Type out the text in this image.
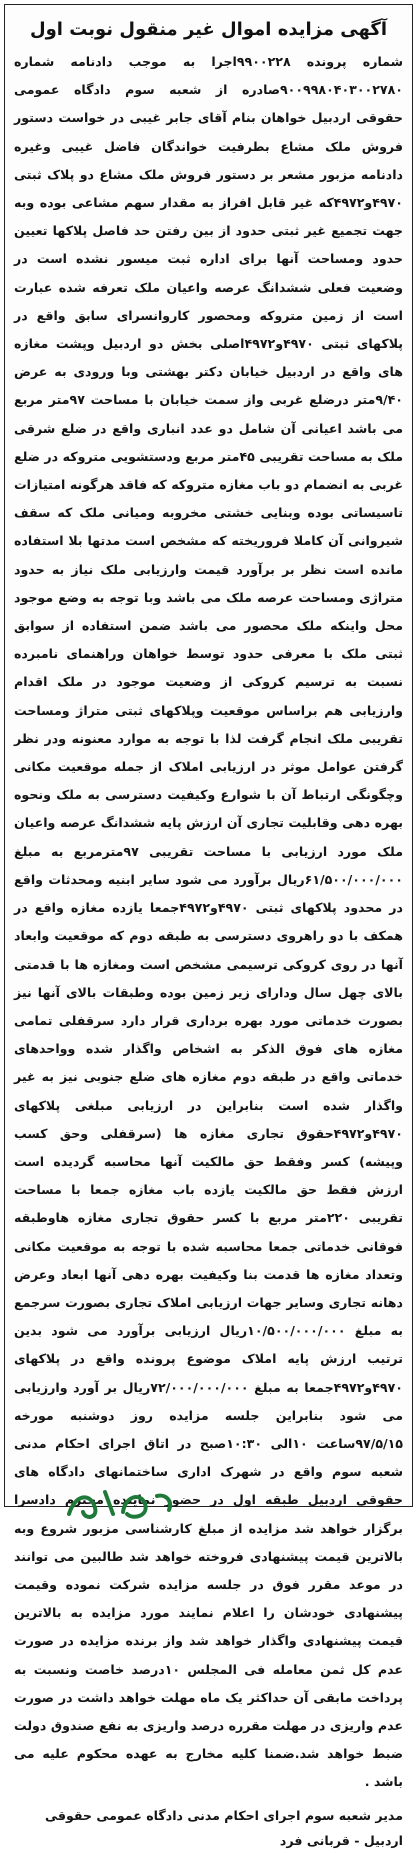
آگهی مزایده اموال غیر منقول نوبت اول
شماره پرونده ۹۹۰۰۲۲۸اجرا به موجب دادنامه شماره ۹۰۰۹۹۸۰۴۰۳۰۰۲۷۸۰صادره از شعبه سوم دادگاه عمومی حقوقی اردبیل خواهان بنام آقای جابر غیبی در خواست دستور فروش ملک مشاع بطرفیت خواندگان فاضل غیبی وغیره دادنامه مزبور مشعر بر دستور فروش ملک مشاع دو پلاک ثبتی ۴۹۷۰و۴۹۷۲که غیر قابل افراز به مقدار سهم مشاعی بوده وبه جهت تجمیع غیر ثبتی حدود از بین رفتن حد فاصل پلاکها تعیین حدود ومساحت آنها برای اداره ثبت میسور نشده است در وضعیت فعلی ششدانگ عرصه واعیان ملک تعرفه شده عبارت است از زمین متروکه ومحصور کاروانسرای سابق واقع در پلاکهای ثبتی ۴۹۷۰و۴۹۷۲اصلی بخش دو اردبیل وپشت مغازه های واقع در اردبیل خیابان دکتر بهشتی وبا ورودی به عرض ۹/۴۰متر درضلع غربی واز سمت خیابان با مساحت ۹۷متر مربع می باشد اعیانی آن شامل دو عدد انباری واقع در ضلع شرقی ملک به مساحت تقریبی ۴۵متر مربع ودستشویی متروکه در ضلع غربی به انضمام دو باب مغازه متروکه که فاقد هرگونه امتیازات تاسیساتی بوده وبنایی خشتی مخروبه ومیانی ملک که سقف شیروانی آن کاملا فروریخته که مشخص است مدتها بلا استفاده مانده است نظر بر برآورد قیمت وارزیابی ملک نیاز به حدود متراژی ومساحت عرصه ملک می باشد وبا توجه به وضع موجود محل واینکه ملک محصور می باشد ضمن استفاده از سوابق ثبتی ملک با معرفی حدود توسط خواهان وراهنمای نامبرده نسبت به ترسیم کروکی از وضعیت موجود در ملک اقدام وارزیابی هم براساس موقعیت وپلاکهای ثبتی متراژ ومساحت تقریبی ملک انجام گرفت لذا با توجه به موارد معنونه ودر نظر گرفتن عوامل موثر در ارزیابی املاک از جمله موقعیت مکانی وچگونگی ارتباط آن با شوارع وکیفیت دسترسی به ملک ونحوه بهره دهی وقابلیت تجاری آن ارزش پایه ششدانگ عرصه واعیان ملک مورد ارزیابی با مساحت تقریبی ۹۷مترمربع به مبلغ ۶۱/۵۰۰/۰۰۰/۰۰۰ریال برآورد می شود سایر ابنیه ومحدثات واقع در محدود پلاکهای ثبتی ۴۹۷۰و۴۹۷۲جمعا یازده مغازه واقع در همکف با دو راهروی دسترسی به طبقه دوم که موقعیت وابعاد آنها در روی کروکی ترسیمی مشخص است ومغازه ها با قدمتی بالای چهل سال ودارای زیر زمین بوده وطبقات بالای آنها نیز بصورت خدماتی مورد بهره برداری قرار دارد سرقفلی تمامی مغازه های فوق الذکر به اشخاص واگذار شده وواحدهای خدماتی واقع در طبقه دوم مغازه های ضلع جنوبی نیز به غیر واگذار شده است بنابراین در ارزیابی مبلغی پلاکهای ۴۹۷۰و۴۹۷۲حقوق تجاری مغازه ها (سرقفلی وحق کسب وپیشه) کسر وفقط حق مالکیت آنها محاسبه گردیده است ارزش فقط حق مالکیت یازده باب مغازه جمعا با مساحت تقریبی ۲۲۰متر مربع با کسر حقوق تجاری مغازه هاوطبقه فوقانی خدماتی جمعا محاسبه شده با توجه به موقعیت مکانی وتعداد مغازه ها قدمت بنا وکیفیت بهره دهی آنها ابعاد وعرض دهانه تجاری وسایر جهات ارزیابی املاک تجاری بصورت سرجمع به مبلغ ۱۰/۵۰۰/۰۰۰/۰۰۰ریال ارزیابی برآورد می شود بدین ترتیب ارزش پایه املاک موضوع پرونده واقع در پلاکهای ۴۹۷۰و۴۹۷۲جمعا به مبلغ ۷۲/۰۰۰/۰۰۰/۰۰۰ریال بر آورد وارزیابی می شود بنابراین جلسه مزایده روز دوشنبه مورخه ۹۷/۵/۱۵ساعت ۱۰الی ۱۰:۳۰صبح در اتاق اجرای احکام مدنی شعبه سوم واقع در شهرک اداری ساختمانهای دادگاه های حقوقی اردبیل طبقه اول در حضور نماینده محترم دادسرا برگزار خواهد شد مزایده از مبلغ کارشناسی مزبور شروع وبه بالاترین قیمت پیشنهادی فروخته خواهد شد طالبین می توانند در موعد مقرر فوق در جلسه مزایده شرکت نموده وقیمت پیشنهادی خودشان را اعلام نمایند مورد مزایده به بالاترین قیمت پیشنهادی واگذار خواهد شد واز برنده مزایده در صورت عدم کل ثمن معامله فی المجلس ۱۰درصد خاصت ونسبت به پرداخت مابقی آن حداکثر یک ماه مهلت خواهد داشت در صورت عدم واریزی در مهلت مقرره درصد واریزی به نفع صندوق دولت ضبط خواهد شد.ضمنا کلیه مخارج به عهده محکوم علیه می باشد .
مدیر شعبه سوم اجرای احکام مدنی دادگاه عمومی حقوقی
اردبیل - قربانی فرد
